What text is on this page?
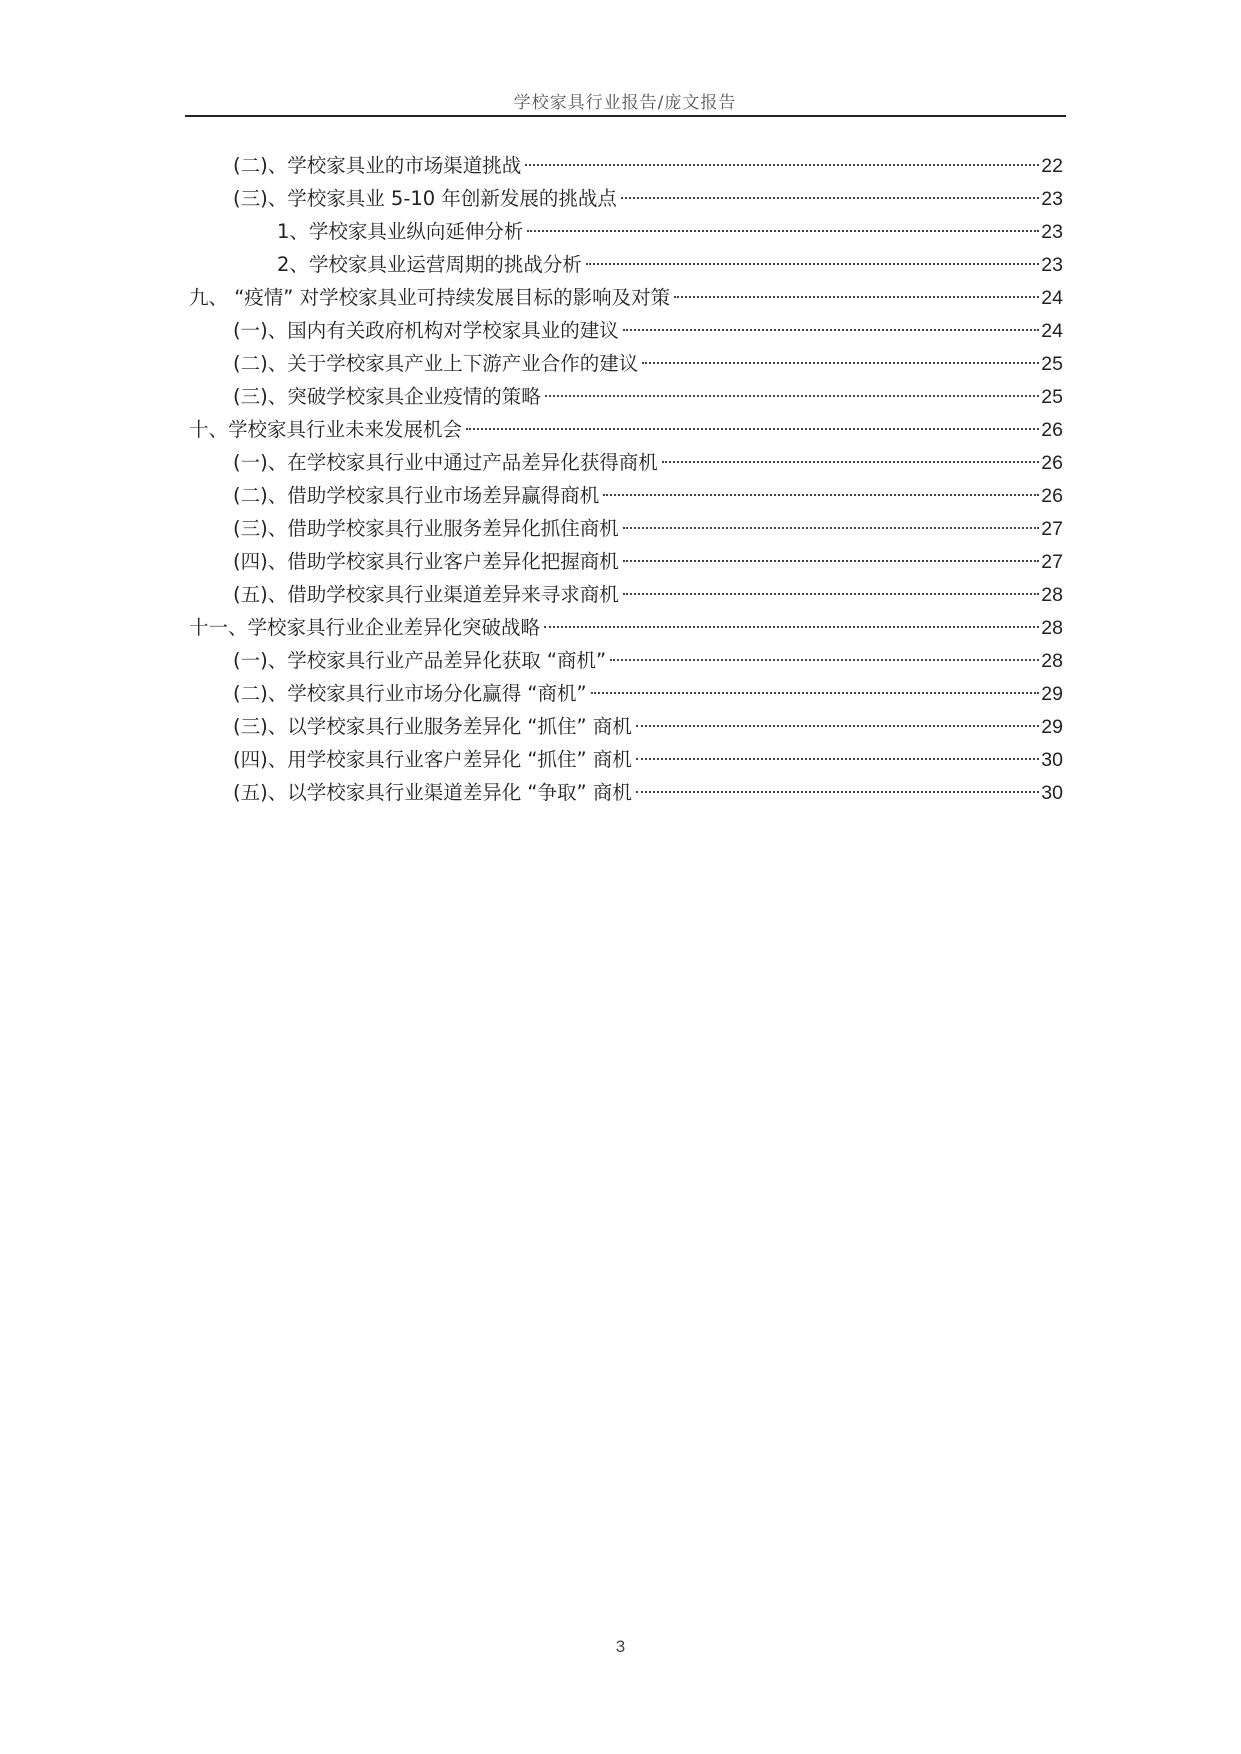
学校家具行业报告/庞文报告
(二)、学校家具业的市场渠道挑战	22
(三)、学校家具业 5-10 年创新发展的挑战点	23
1、学校家具业纵向延伸分析	23
2、学校家具业运营周期的挑战分析	23
九、 “疫情” 对学校家具业可持续发展目标的影响及对策	24
(一)、国内有关政府机构对学校家具业的建议	24
(二)、关于学校家具产业上下游产业合作的建议	25
(三)、突破学校家具企业疫情的策略	25
十、学校家具行业未来发展机会	26
(一)、在学校家具行业中通过产品差异化获得商机	26
(二)、借助学校家具行业市场差异赢得商机	26
(三)、借助学校家具行业服务差异化抓住商机	27
(四)、借助学校家具行业客户差异化把握商机	27
(五)、借助学校家具行业渠道差异来寻求商机	28
十一、学校家具行业企业差异化突破战略	28
(一)、学校家具行业产品差异化获取 “商机”	28
(二)、学校家具行业市场分化赢得 “商机”	29
(三)、以学校家具行业服务差异化 “抓住” 商机	29
(四)、用学校家具行业客户差异化 “抓住” 商机	30
(五)、以学校家具行业渠道差异化 “争取” 商机	30
3
